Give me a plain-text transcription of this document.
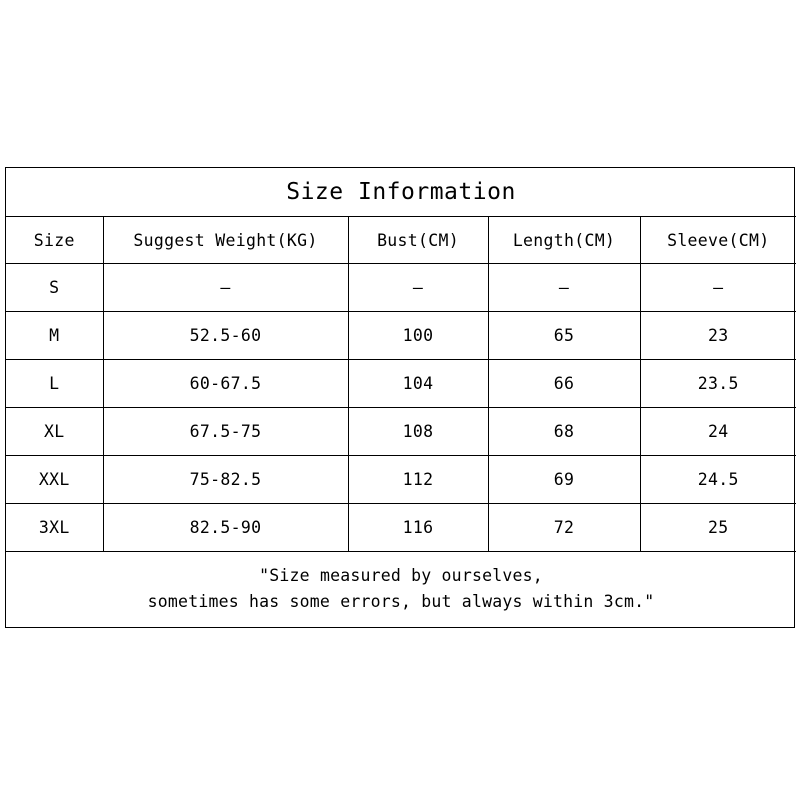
Size Information				
Size	Suggest Weight(KG)	Bust(CM)	Length(CM)	Sleeve(CM)
S	–	–	–	–
M	52.5-60	100	65	23
L	60-67.5	104	66	23.5
XL	67.5-75	108	68	24
XXL	75-82.5	112	69	24.5
3XL	82.5-90	116	72	25

"Size measured by ourselves,
sometimes has some errors, but always within 3cm."				
